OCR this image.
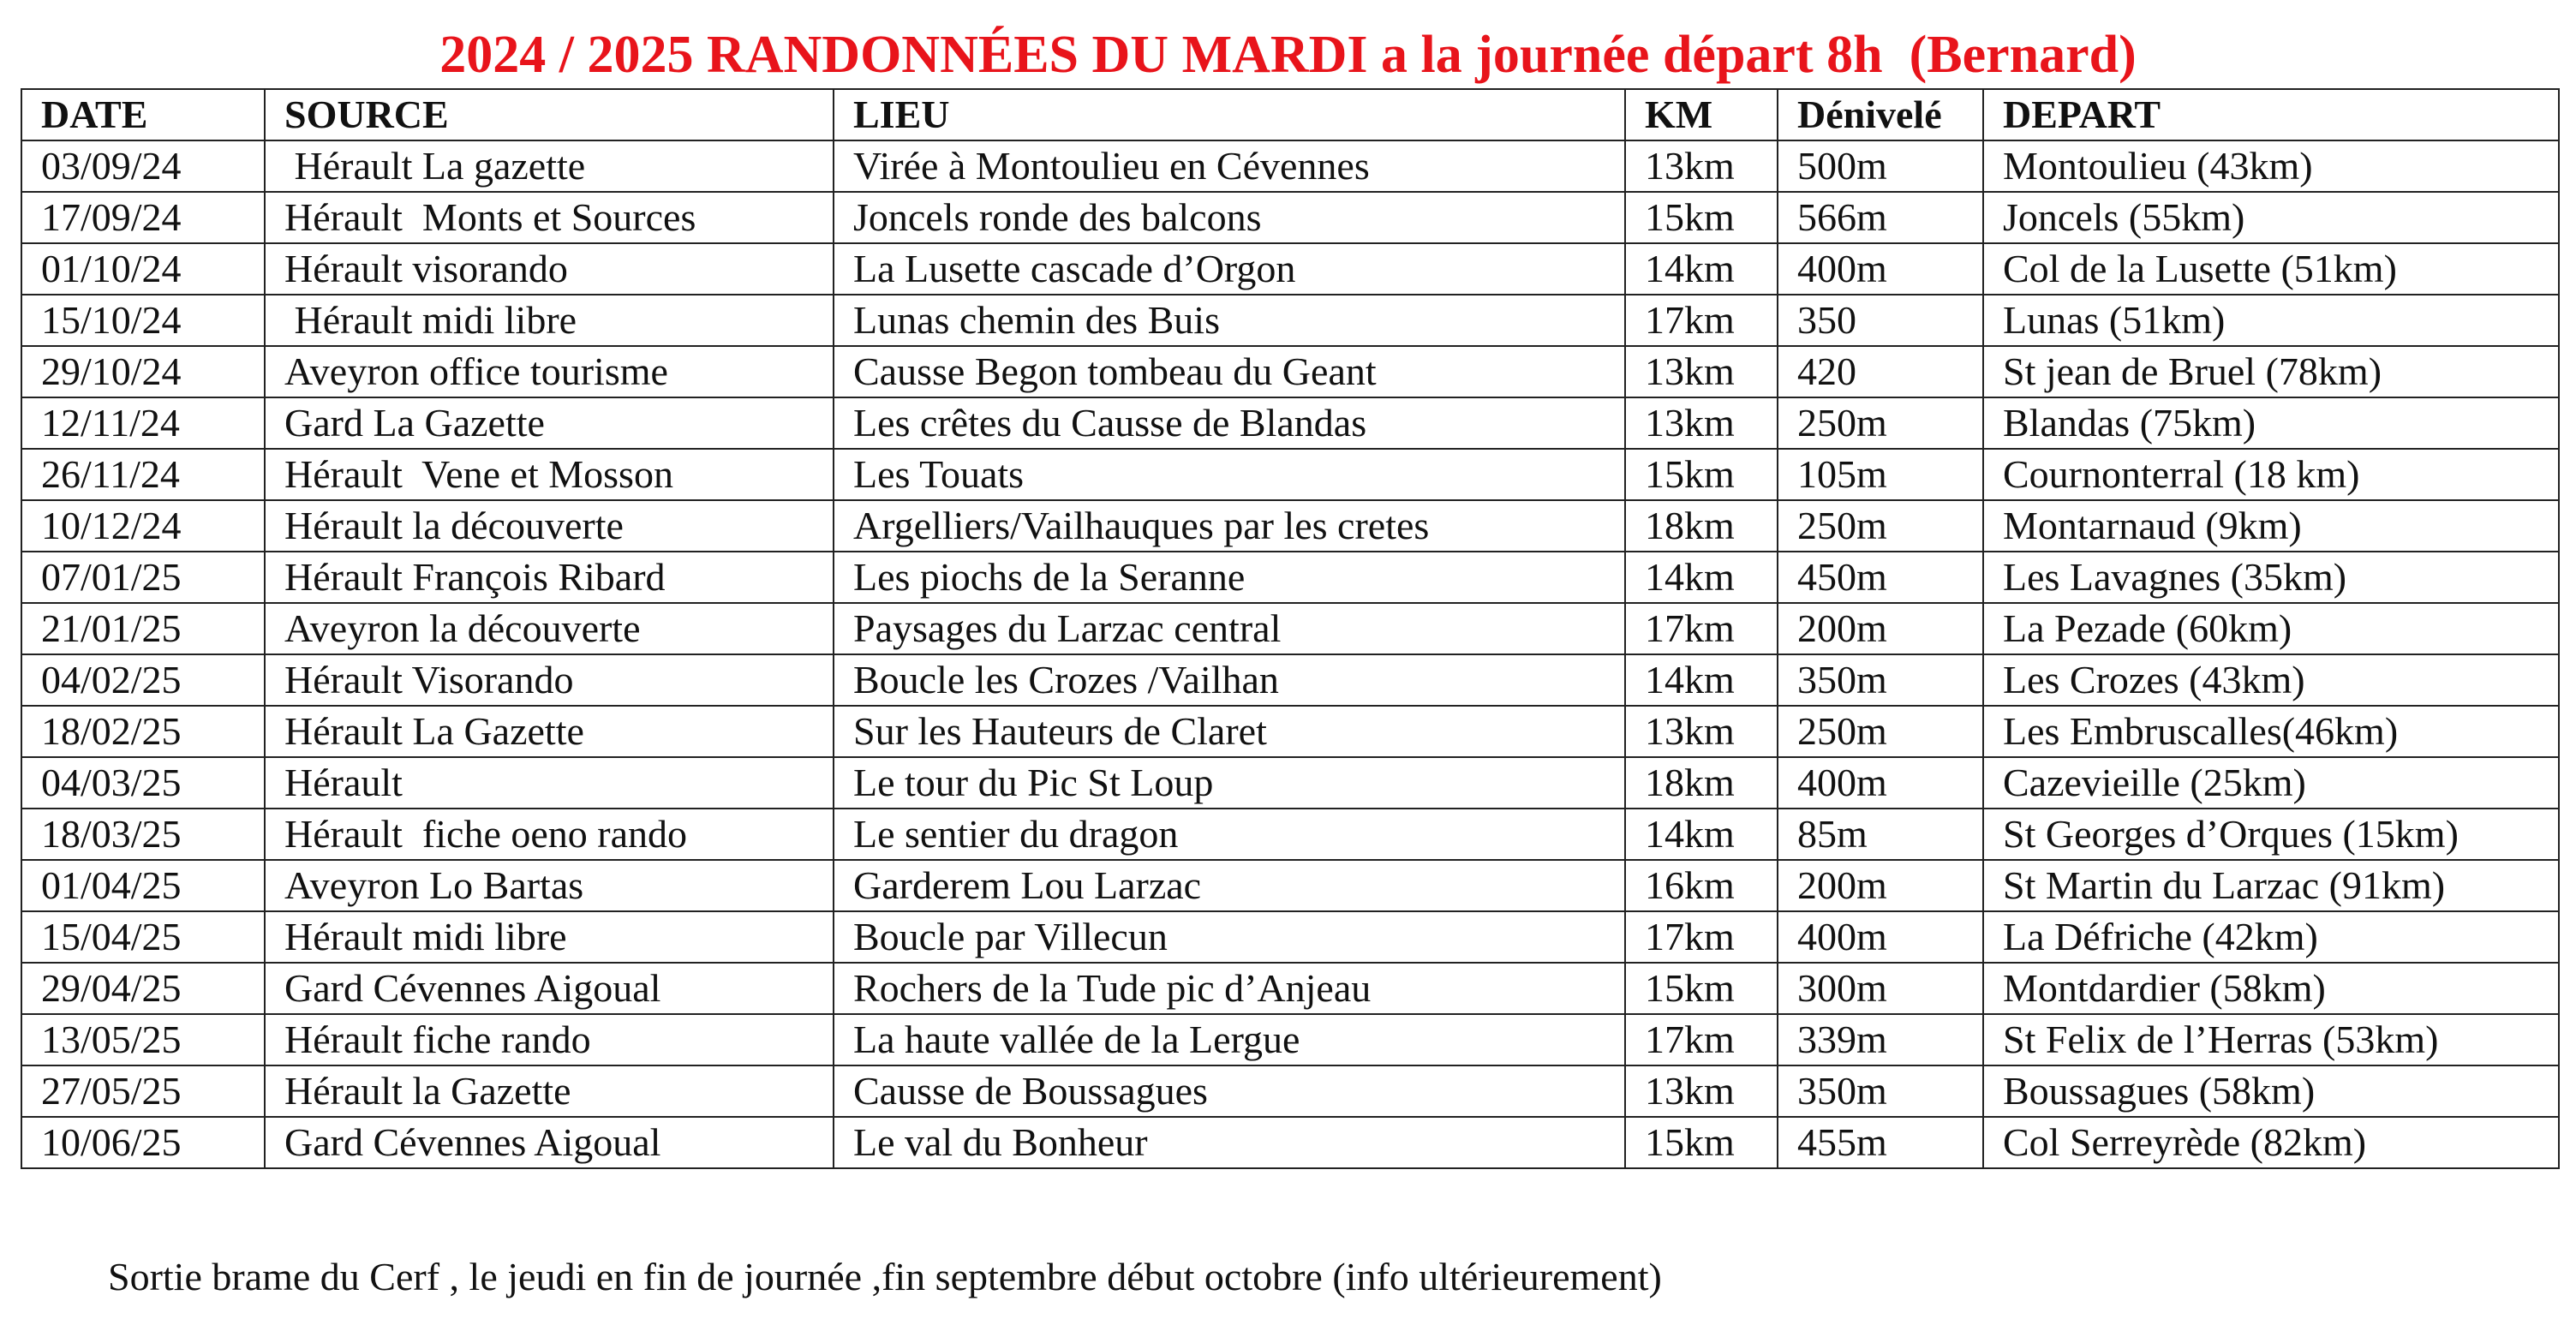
2024 / 2025 RANDONNÉES DU MARDI a la journée départ 8h  (Bernard)
DATE	SOURCE	LIEU	KM	Dénivelé	DEPART
03/09/24	Hérault La gazette	Virée à Montoulieu en Cévennes	13km	500m	Montoulieu (43km)
17/09/24	Hérault  Monts et Sources	Joncels ronde des balcons	15km	566m	Joncels (55km)
01/10/24	Hérault visorando	La Lusette cascade d’Orgon	14km	400m	Col de la Lusette (51km)
15/10/24	Hérault midi libre	Lunas chemin des Buis	17km	350	Lunas (51km)
29/10/24	Aveyron office tourisme	Causse Begon tombeau du Geant	13km	420	St jean de Bruel (78km)
12/11/24	Gard La Gazette	Les crêtes du Causse de Blandas	13km	250m	Blandas (75km)
26/11/24	Hérault  Vene et Mosson	Les Touats	15km	105m	Cournonterral (18 km)
10/12/24	Hérault la découverte	Argelliers/Vailhauques par les cretes	18km	250m	Montarnaud (9km)
07/01/25	Hérault François Ribard	Les piochs de la Seranne	14km	450m	Les Lavagnes (35km)
21/01/25	Aveyron la découverte	Paysages du Larzac central	17km	200m	La Pezade (60km)
04/02/25	Hérault Visorando	Boucle les Crozes /Vailhan	14km	350m	Les Crozes (43km)
18/02/25	Hérault La Gazette	Sur les Hauteurs de Claret	13km	250m	Les Embruscalles(46km)
04/03/25	Hérault	Le tour du Pic St Loup	18km	400m	Cazevieille (25km)
18/03/25	Hérault  fiche oeno rando	Le sentier du dragon	14km	85m	St Georges d’Orques (15km)
01/04/25	Aveyron Lo Bartas	Garderem Lou Larzac	16km	200m	St Martin du Larzac (91km)
15/04/25	Hérault midi libre	Boucle par Villecun	17km	400m	La Défriche (42km)
29/04/25	Gard Cévennes Aigoual	Rochers de la Tude pic d’Anjeau	15km	300m	Montdardier (58km)
13/05/25	Hérault fiche rando	La haute vallée de la Lergue	17km	339m	St Felix de l’Herras (53km)
27/05/25	Hérault la Gazette	Causse de Boussagues	13km	350m	Boussagues (58km)
10/06/25	Gard Cévennes Aigoual	Le val du Bonheur	15km	455m	Col Serreyrède (82km)
Sortie brame du Cerf , le jeudi en fin de journée ,fin septembre début octobre (info ultérieurement)
